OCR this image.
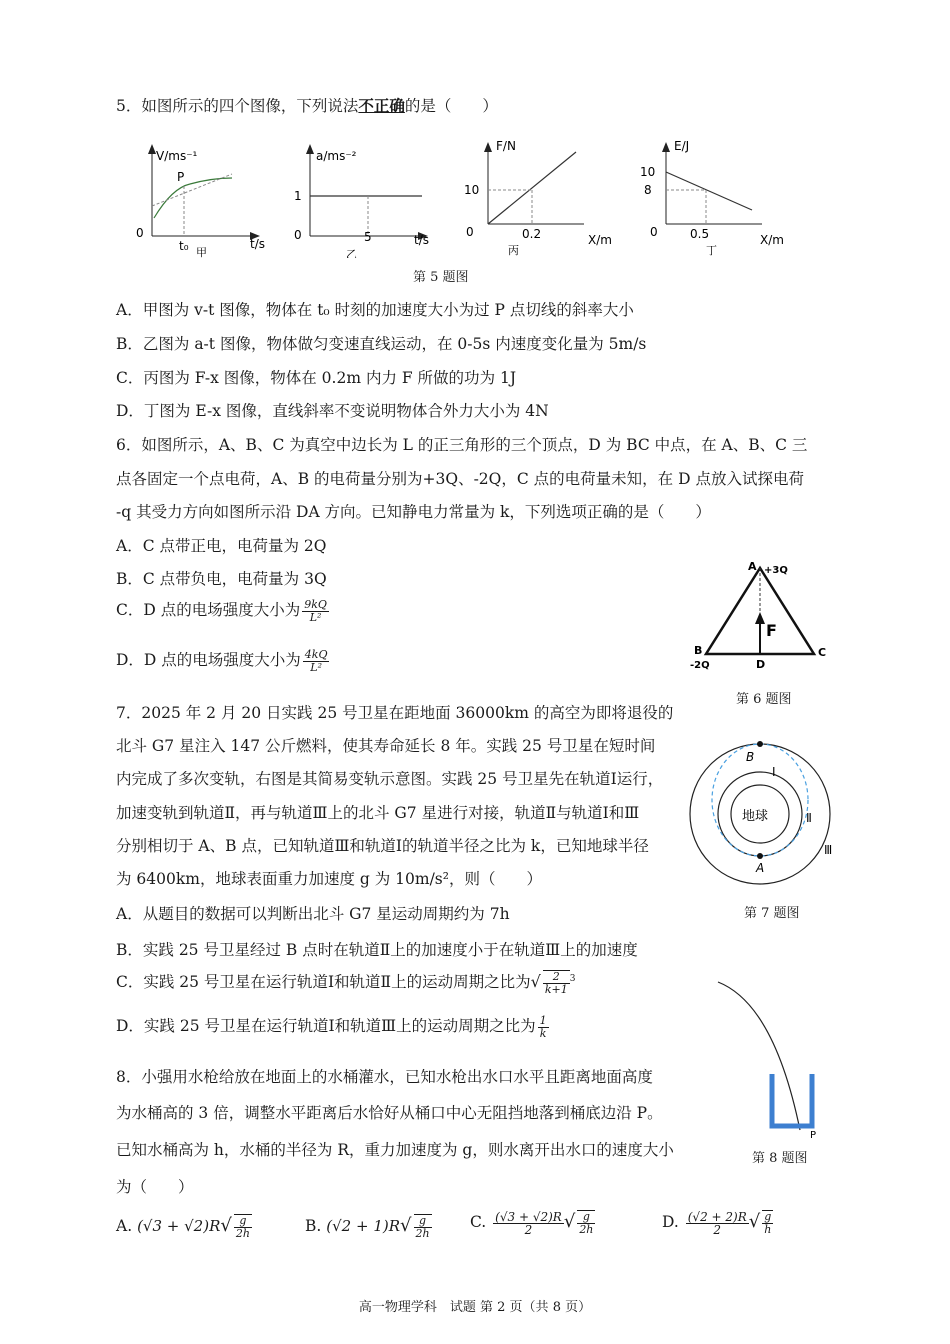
5．如图所示的四个图像，下列说法不正确的是（　　）
V/ms⁻¹
P
0
t₀	t/s
甲
a/ms⁻²
1
0	5	t/s
乙
F/N
10
0	0.2	X/m
丙
E/J
10
8
0	0.5	X/m
丁
第 5 题图
A．甲图为 v-t 图像，物体在 t₀ 时刻的加速度大小为过 P 点切线的斜率大小
B．乙图为 a-t 图像，物体做匀变速直线运动，在 0-5s 内速度变化量为 5m/s
C．丙图为 F-x 图像，物体在 0.2m 内力 F 所做的功为 1J
D．丁图为 E-x 图像，直线斜率不变说明物体合外力大小为 4N
6．如图所示，A、B、C 为真空中边长为 L 的正三角形的三个顶点，D 为 BC 中点，在 A、B、C 三
点各固定一个点电荷，A、B 的电荷量分别为+3Q、-2Q，C 点的电荷量未知，在 D 点放入试探电荷
-q 其受力方向如图所示沿 DA 方向。已知静电力常量为 k，下列选项正确的是（　　）
A．C 点带正电，电荷量为 2Q
B．C 点带负电，电荷量为 3Q
C．D 点的电场强度大小为 $\frac{9kQ}{\text{L²}}$
D．D 点的电场强度大小为 $\frac{4kQ}{\text{L²}}$
A +3Q
B
-2Q
C
D
F
第 6 题图
7．2025 年 2 月 20 日实践 25 号卫星在距地面 36000km 的高空为即将退役的
北斗 G7 星注入 147 公斤燃料，使其寿命延长 8 年。实践 25 号卫星在短时间
内完成了多次变轨，右图是其简易变轨示意图。实践 25 号卫星先在轨道Ⅰ运行，
加速变轨到轨道Ⅱ，再与轨道Ⅲ上的北斗 G7 星进行对接，轨道Ⅱ与轨道Ⅰ和Ⅲ
分别相切于 A、B 点，已知轨道Ⅲ和轨道Ⅰ的轨道半径之比为 k，已知地球半径
为 6400km，地球表面重力加速度 g 为 10m/s²，则（　　）
A．从题目的数据可以判断出北斗 G7 星运动周期约为 7h
B．实践 25 号卫星经过 B 点时在轨道Ⅱ上的加速度小于在轨道Ⅲ上的加速度
C．实践 25 号卫星在运行轨道Ⅰ和轨道Ⅱ上的运动周期之比为√ $\frac{2}{k+1} ^3$
D．实践 25 号卫星在运行轨道Ⅰ和轨道Ⅲ上的运动周期之比为 $\frac{1}{k}$
地球
B
A
Ⅰ
Ⅱ
Ⅲ
第 7 题图
8．小强用水枪给放在地面上的水桶灌水，已知水枪出水口水平且距离地面高度
为水桶高的 3 倍，调整水平距离后水恰好从桶口中心无阻挡地落到桶底边沿 P。
已知水桶高为 h，水桶的半径为 R，重力加速度为 g，则水离开出水口的速度大小
为（　　）
P
第 8 题图
A. $(√3 + √2)R√ \frac{g}{2h}$	B. $(√2 + 1)R√ \frac{g}{2h} C$. $\frac{(√3 + √2)R}{2}$ √ $\frac{g}{2h}$	D. $\frac{(√2 + 2)R}{2}$ √ $\frac{g}{h}$
高一物理学科　试题 第 2 页（共 8 页）
